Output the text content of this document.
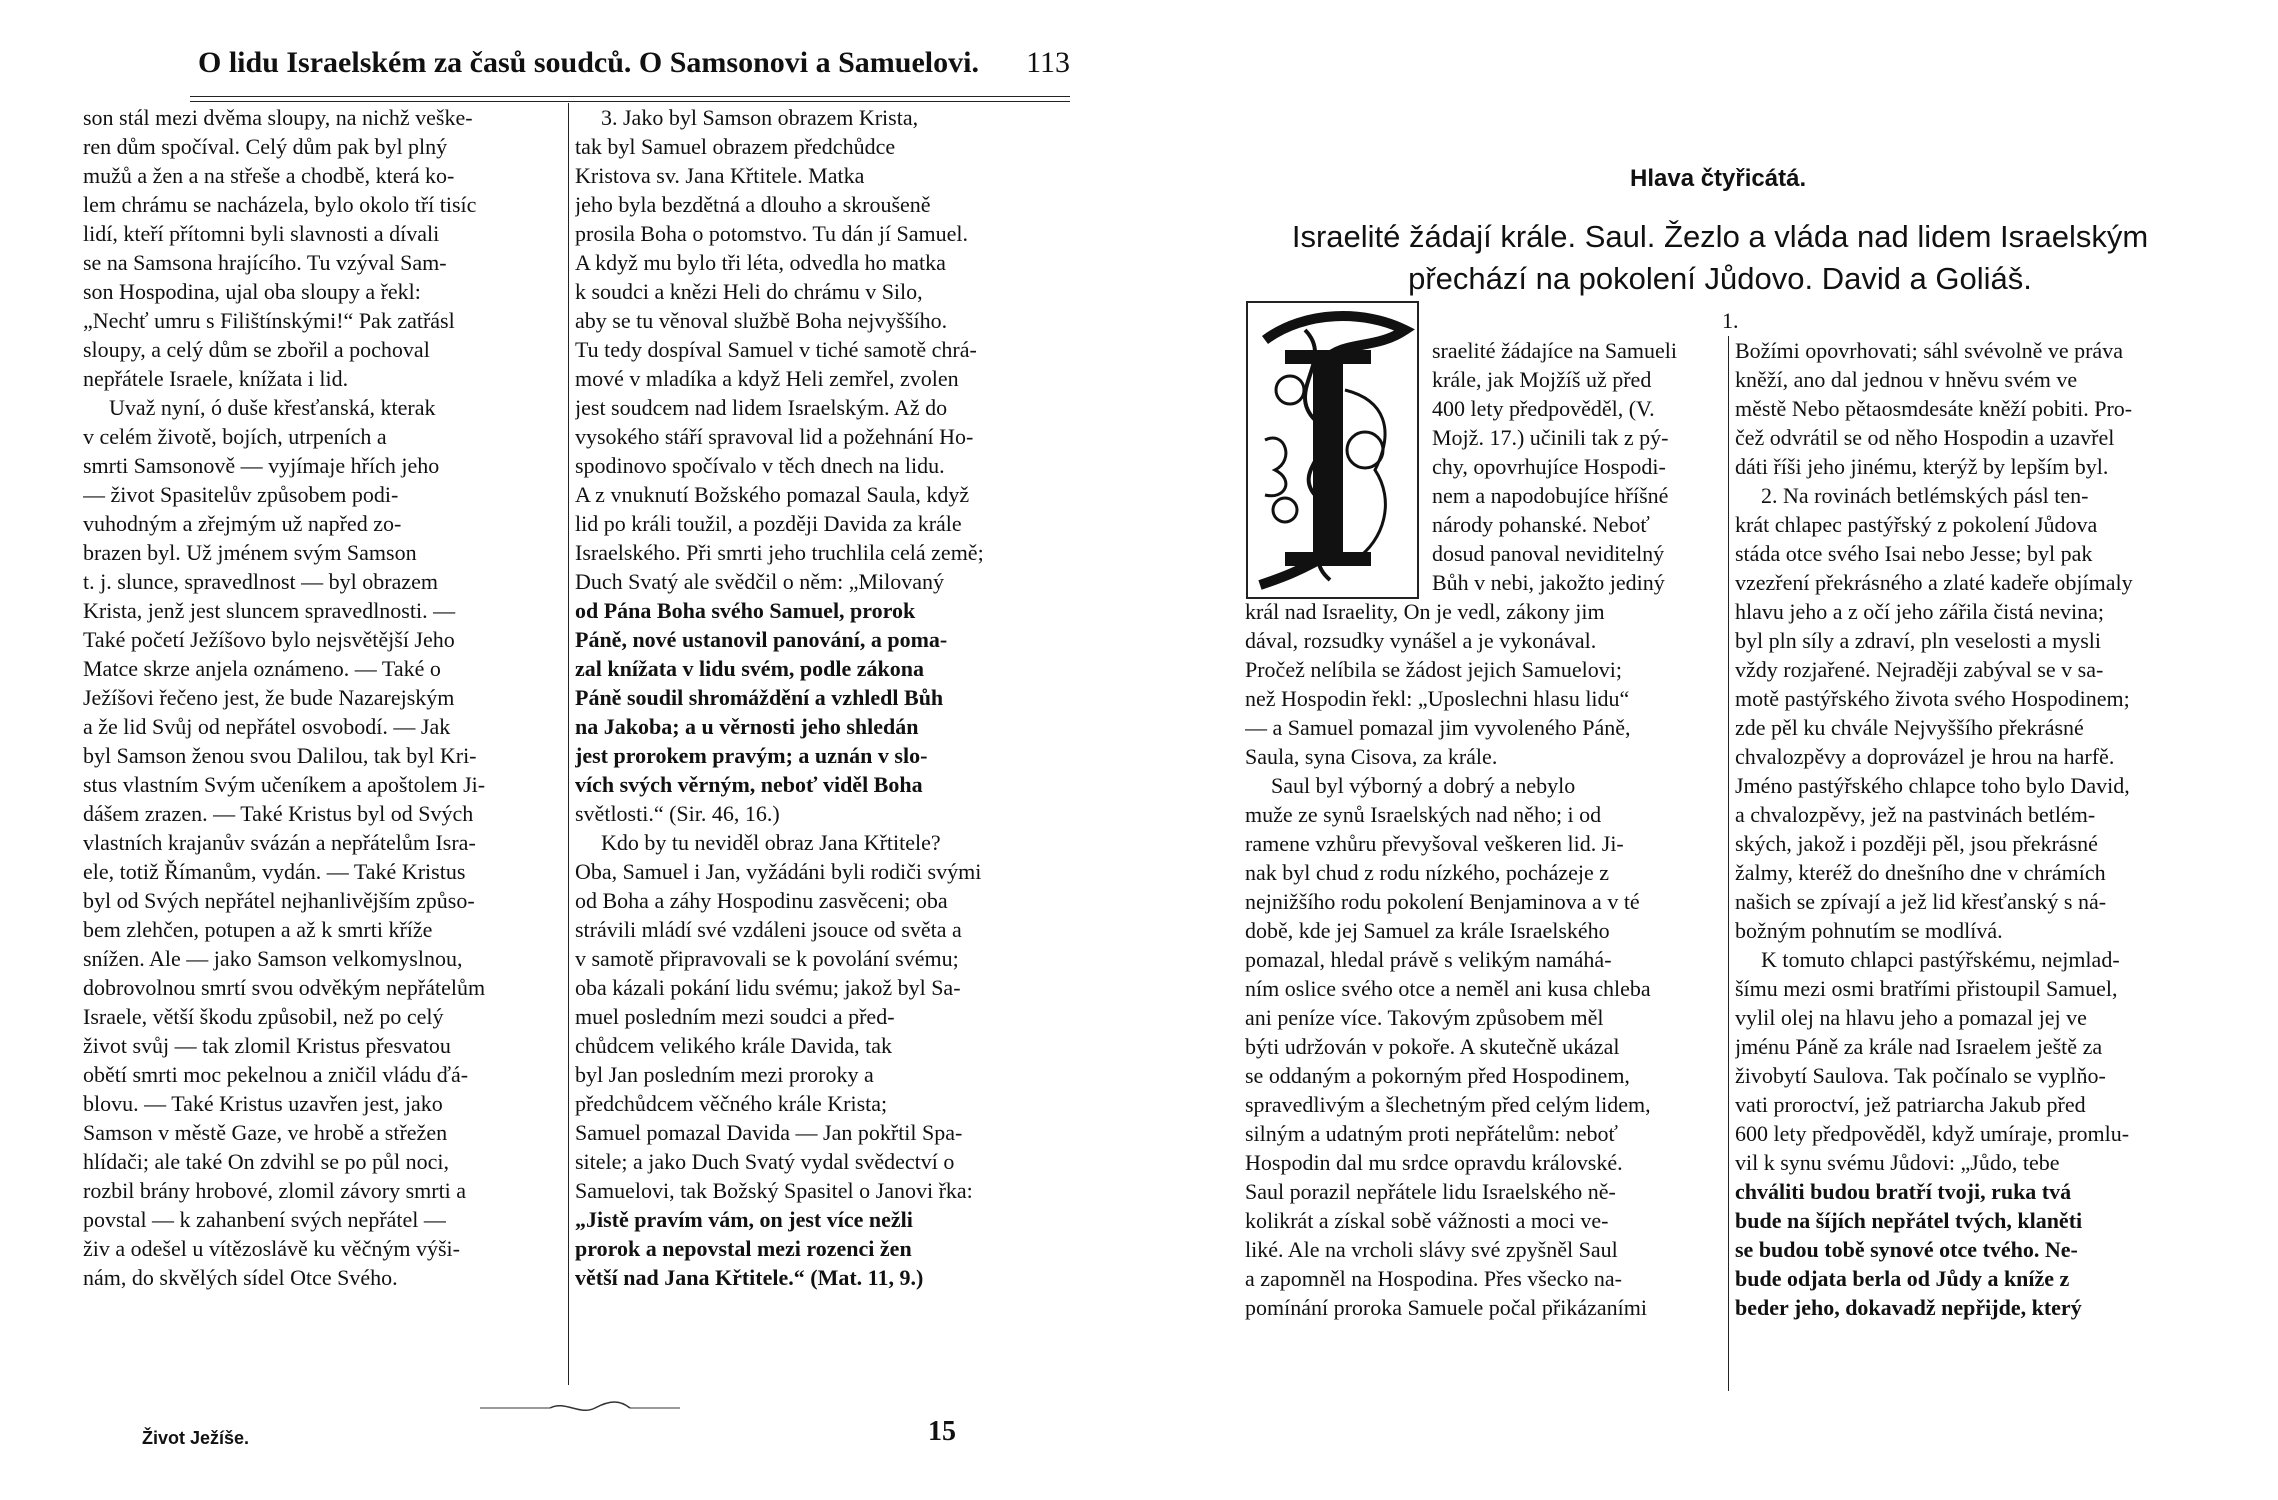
O lidu Israelském za časů soudců. O Samsonovi a Samuelovi. 113
son stál mezi dvěma sloupy, na nichž veške-
ren dům spočíval. Celý dům pak byl plný
mužů a žen a na střeše a chodbě, která ko-
lem chrámu se nacházela, bylo okolo tří tisíc
lidí, kteří přítomni byli slavnosti a dívali
se na Samsona hrajícího. Tu vzýval Sam-
son Hospodina, ujal oba sloupy a řekl:
„Nechť umru s Filištínskými!“ Pak zatřásl
sloupy, a celý dům se zbořil a pochoval
nepřátele Israele, knížata i lid.
Uvaž nyní, ó duše křesťanská, kterak
v celém životě, bojích, utrpeních a
smrti Samsonově — vyjímaje hřích jeho
— život Spasitelův způsobem podi-
vuhodným a zřejmým už napřed zo-
brazen byl. Už jménem svým Samson
t. j. slunce, spravedlnost — byl obrazem
Krista, jenž jest sluncem spravedlnosti. —
Také početí Ježíšovo bylo nejsvětější Jeho
Matce skrze anjela oznámeno. — Také o
Ježíšovi řečeno jest, že bude Nazarejským
a že lid Svůj od nepřátel osvobodí. — Jak
byl Samson ženou svou Dalilou, tak byl Kri-
stus vlastním Svým učeníkem a apoštolem Ji-
dášem zrazen. — Také Kristus byl od Svých
vlastních krajanův svázán a nepřátelům Isra-
ele, totiž Římanům, vydán. — Také Kristus
byl od Svých nepřátel nejhanlivějším způso-
bem zlehčen, potupen a až k smrti kříže
snížen. Ale — jako Samson velkomyslnou,
dobrovolnou smrtí svou odvěkým nepřátelům
Israele, větší škodu způsobil, než po celý
život svůj — tak zlomil Kristus přesvatou
obětí smrti moc pekelnou a zničil vládu ďá-
blovu. — Také Kristus uzavřen jest, jako
Samson v městě Gaze, ve hrobě a střežen
hlídači; ale také On zdvihl se po půl noci,
rozbil brány hrobové, zlomil závory smrti a
povstal — k zahanbení svých nepřátel —
živ a odešel u vítězoslávě ku věčným výši-
nám, do skvělých sídel Otce Svého.
3. Jako byl Samson obrazem Krista,
tak byl Samuel obrazem předchůdce
Kristova sv. Jana Křtitele. Matka
jeho byla bezdětná a dlouho a skroušeně
prosila Boha o potomstvo. Tu dán jí Samuel.
A když mu bylo tři léta, odvedla ho matka
k soudci a knězi Heli do chrámu v Silo,
aby se tu věnoval službě Boha nejvyššího.
Tu tedy dospíval Samuel v tiché samotě chrá-
mové v mladíka a když Heli zemřel, zvolen
jest soudcem nad lidem Israelským. Až do
vysokého stáří spravoval lid a požehnání Ho-
spodinovo spočívalo v těch dnech na lidu.
A z vnuknutí Božského pomazal Saula, když
lid po králi toužil, a později Davida za krále
Israelského. Při smrti jeho truchlila celá země;
Duch Svatý ale svědčil o něm: „Milovaný
od Pána Boha svého Samuel, prorok
Páně, nové ustanovil panování, a poma-
zal knížata v lidu svém, podle zákona
Páně soudil shromáždění a vzhledl Bůh
na Jakoba; a u věrnosti jeho shledán
jest prorokem pravým; a uznán v slo-
vích svých věrným, neboť viděl Boha
světlosti.“ (Sir. 46, 16.)
Kdo by tu neviděl obraz Jana Křtitele?
Oba, Samuel i Jan, vyžádáni byli rodiči svými
od Boha a záhy Hospodinu zasvěceni; oba
strávili mládí své vzdáleni jsouce od světa a
v samotě připravovali se k povolání svému;
oba kázali pokání lidu svému; jakož byl Sa-
muel posledním mezi soudci a před-
chůdcem velikého krále Davida, tak
byl Jan posledním mezi proroky a
předchůdcem věčného krále Krista;
Samuel pomazal Davida — Jan pokřtil Spa-
sitele; a jako Duch Svatý vydal svědectví o
Samuelovi, tak Božský Spasitel o Janovi řka:
„Jistě pravím vám, on jest více nežli
prorok a nepovstal mezi rozenci žen
větší nad Jana Křtitele.“ (Mat. 11, 9.)
Život Ježíše.	15
Hlava čtyřicátá.
Israelité žádají krále. Saul. Žezlo a vláda nad lidem Israelským
přechází na pokolení Jůdovo. David a Goliáš.
1.
sraelité žádajíce na Samueli
krále, jak Mojžíš už před
400 lety předpověděl, (V.
Mojž. 17.) učinili tak z pý-
chy, opovrhujíce Hospodi-
nem a napodobujíce hříšné
národy pohanské. Neboť
dosud panoval neviditelný
Bůh v nebi, jakožto jediný
král nad Israelity, On je vedl, zákony jim
dával, rozsudky vynášel a je vykonával.
Pročež nelíbila se žádost jejich Samuelovi;
než Hospodin řekl: „Uposlechni hlasu lidu“
— a Samuel pomazal jim vyvoleného Páně,
Saula, syna Cisova, za krále.
Saul byl výborný a dobrý a nebylo
muže ze synů Israelských nad něho; i od
ramene vzhůru převyšoval veškeren lid. Ji-
nak byl chud z rodu nízkého, pocházeje z
nejnižšího rodu pokolení Benjaminova a v té
době, kde jej Samuel za krále Israelského
pomazal, hledal právě s velikým namáhá-
ním oslice svého otce a neměl ani kusa chleba
ani peníze více. Takovým způsobem měl
býti udržován v pokoře. A skutečně ukázal
se oddaným a pokorným před Hospodinem,
spravedlivým a šlechetným před celým lidem,
silným a udatným proti nepřátelům: neboť
Hospodin dal mu srdce opravdu královské.
Saul porazil nepřátele lidu Israelského ně-
kolikrát a získal sobě vážnosti a moci ve-
liké. Ale na vrcholi slávy své zpyšněl Saul
a zapomněl na Hospodina. Přes všecko na-
pomínání proroka Samuele počal přikázaními
Božími opovrhovati; sáhl svévolně ve práva
kněží, ano dal jednou v hněvu svém ve
městě Nebo pětaosmdesáte kněží pobiti. Pro-
čež odvrátil se od něho Hospodin a uzavřel
dáti říši jeho jinému, kterýž by lepším byl.
2. Na rovinách betlémských pásl ten-
krát chlapec pastýřský z pokolení Jůdova
stáda otce svého Isai nebo Jesse; byl pak
vzezření překrásného a zlaté kadeře objímaly
hlavu jeho a z očí jeho zářila čistá nevina;
byl pln síly a zdraví, pln veselosti a mysli
vždy rozjařené. Nejraději zabýval se v sa-
motě pastýřského života svého Hospodinem;
zde pěl ku chvále Nejvyššího překrásné
chvalozpěvy a doprovázel je hrou na harfě.
Jméno pastýřského chlapce toho bylo David,
a chvalozpěvy, jež na pastvinách betlém-
ských, jakož i později pěl, jsou překrásné
žalmy, kteréž do dnešního dne v chrámích
našich se zpívají a jež lid křesťanský s ná-
božným pohnutím se modlívá.
K tomuto chlapci pastýřskému, nejmlad-
šímu mezi osmi bratřími přistoupil Samuel,
vylil olej na hlavu jeho a pomazal jej ve
jménu Páně za krále nad Israelem ještě za
živobytí Saulova. Tak počínalo se vyplňo-
vati proroctví, jež patriarcha Jakub před
600 lety předpověděl, když umíraje, promlu-
vil k synu svému Jůdovi: „Jůdo, tebe
chváliti budou bratří tvoji, ruka tvá
bude na šíjích nepřátel tvých, klaněti
se budou tobě synové otce tvého. Ne-
bude odjata berla od Jůdy a kníže z
beder jeho, dokavadž nepřijde, který
